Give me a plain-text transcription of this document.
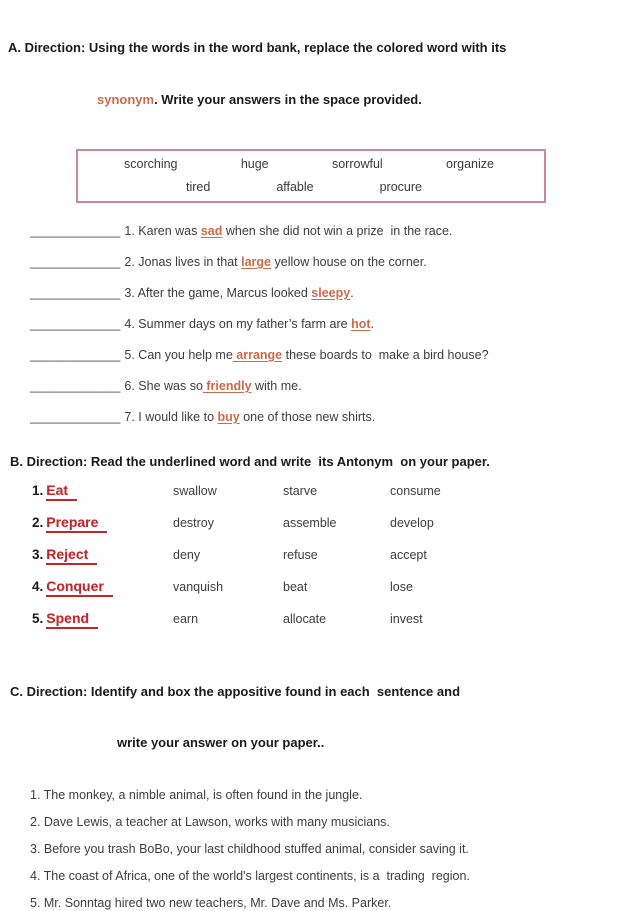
A. Direction: Using the words in the word bank, replace the colored word with its

synonym. Write your answers in the space provided.

scorching	huge	sorrowful	organize
tired	affable	procure
_____________ 1. Karen was sad when she did not win a prize  in the race.
_____________ 2. Jonas lives in that large yellow house on the corner.
_____________ 3. After the game, Marcus looked sleepy.
_____________ 4. Summer days on my father’s farm are hot.
_____________ 5. Can you help me arrange these boards to  make a bird house?
_____________ 6. She was so friendly with me.
_____________ 7. I would like to buy one of those new shirts.
B. Direction: Read the underlined word and write  its Antonym  on your paper.
1. Eat	swallow	starve	consume
2. Prepare	destroy	assemble	develop
3. Reject	deny	refuse	accept
4. Conquer	vanquish	beat	lose
5. Spend	earn	allocate	invest

C. Direction: Identify and box the appositive found in each  sentence and

write your answer on your paper..

1. The monkey, a nimble animal, is often found in the jungle.
2. Dave Lewis, a teacher at Lawson, works with many musicians.
3. Before you trash BoBo, your last childhood stuffed animal, consider saving it.
4. The coast of Africa, one of the world's largest continents, is a  trading  region.
5. Mr. Sonntag hired two new teachers, Mr. Dave and Ms. Parker.
